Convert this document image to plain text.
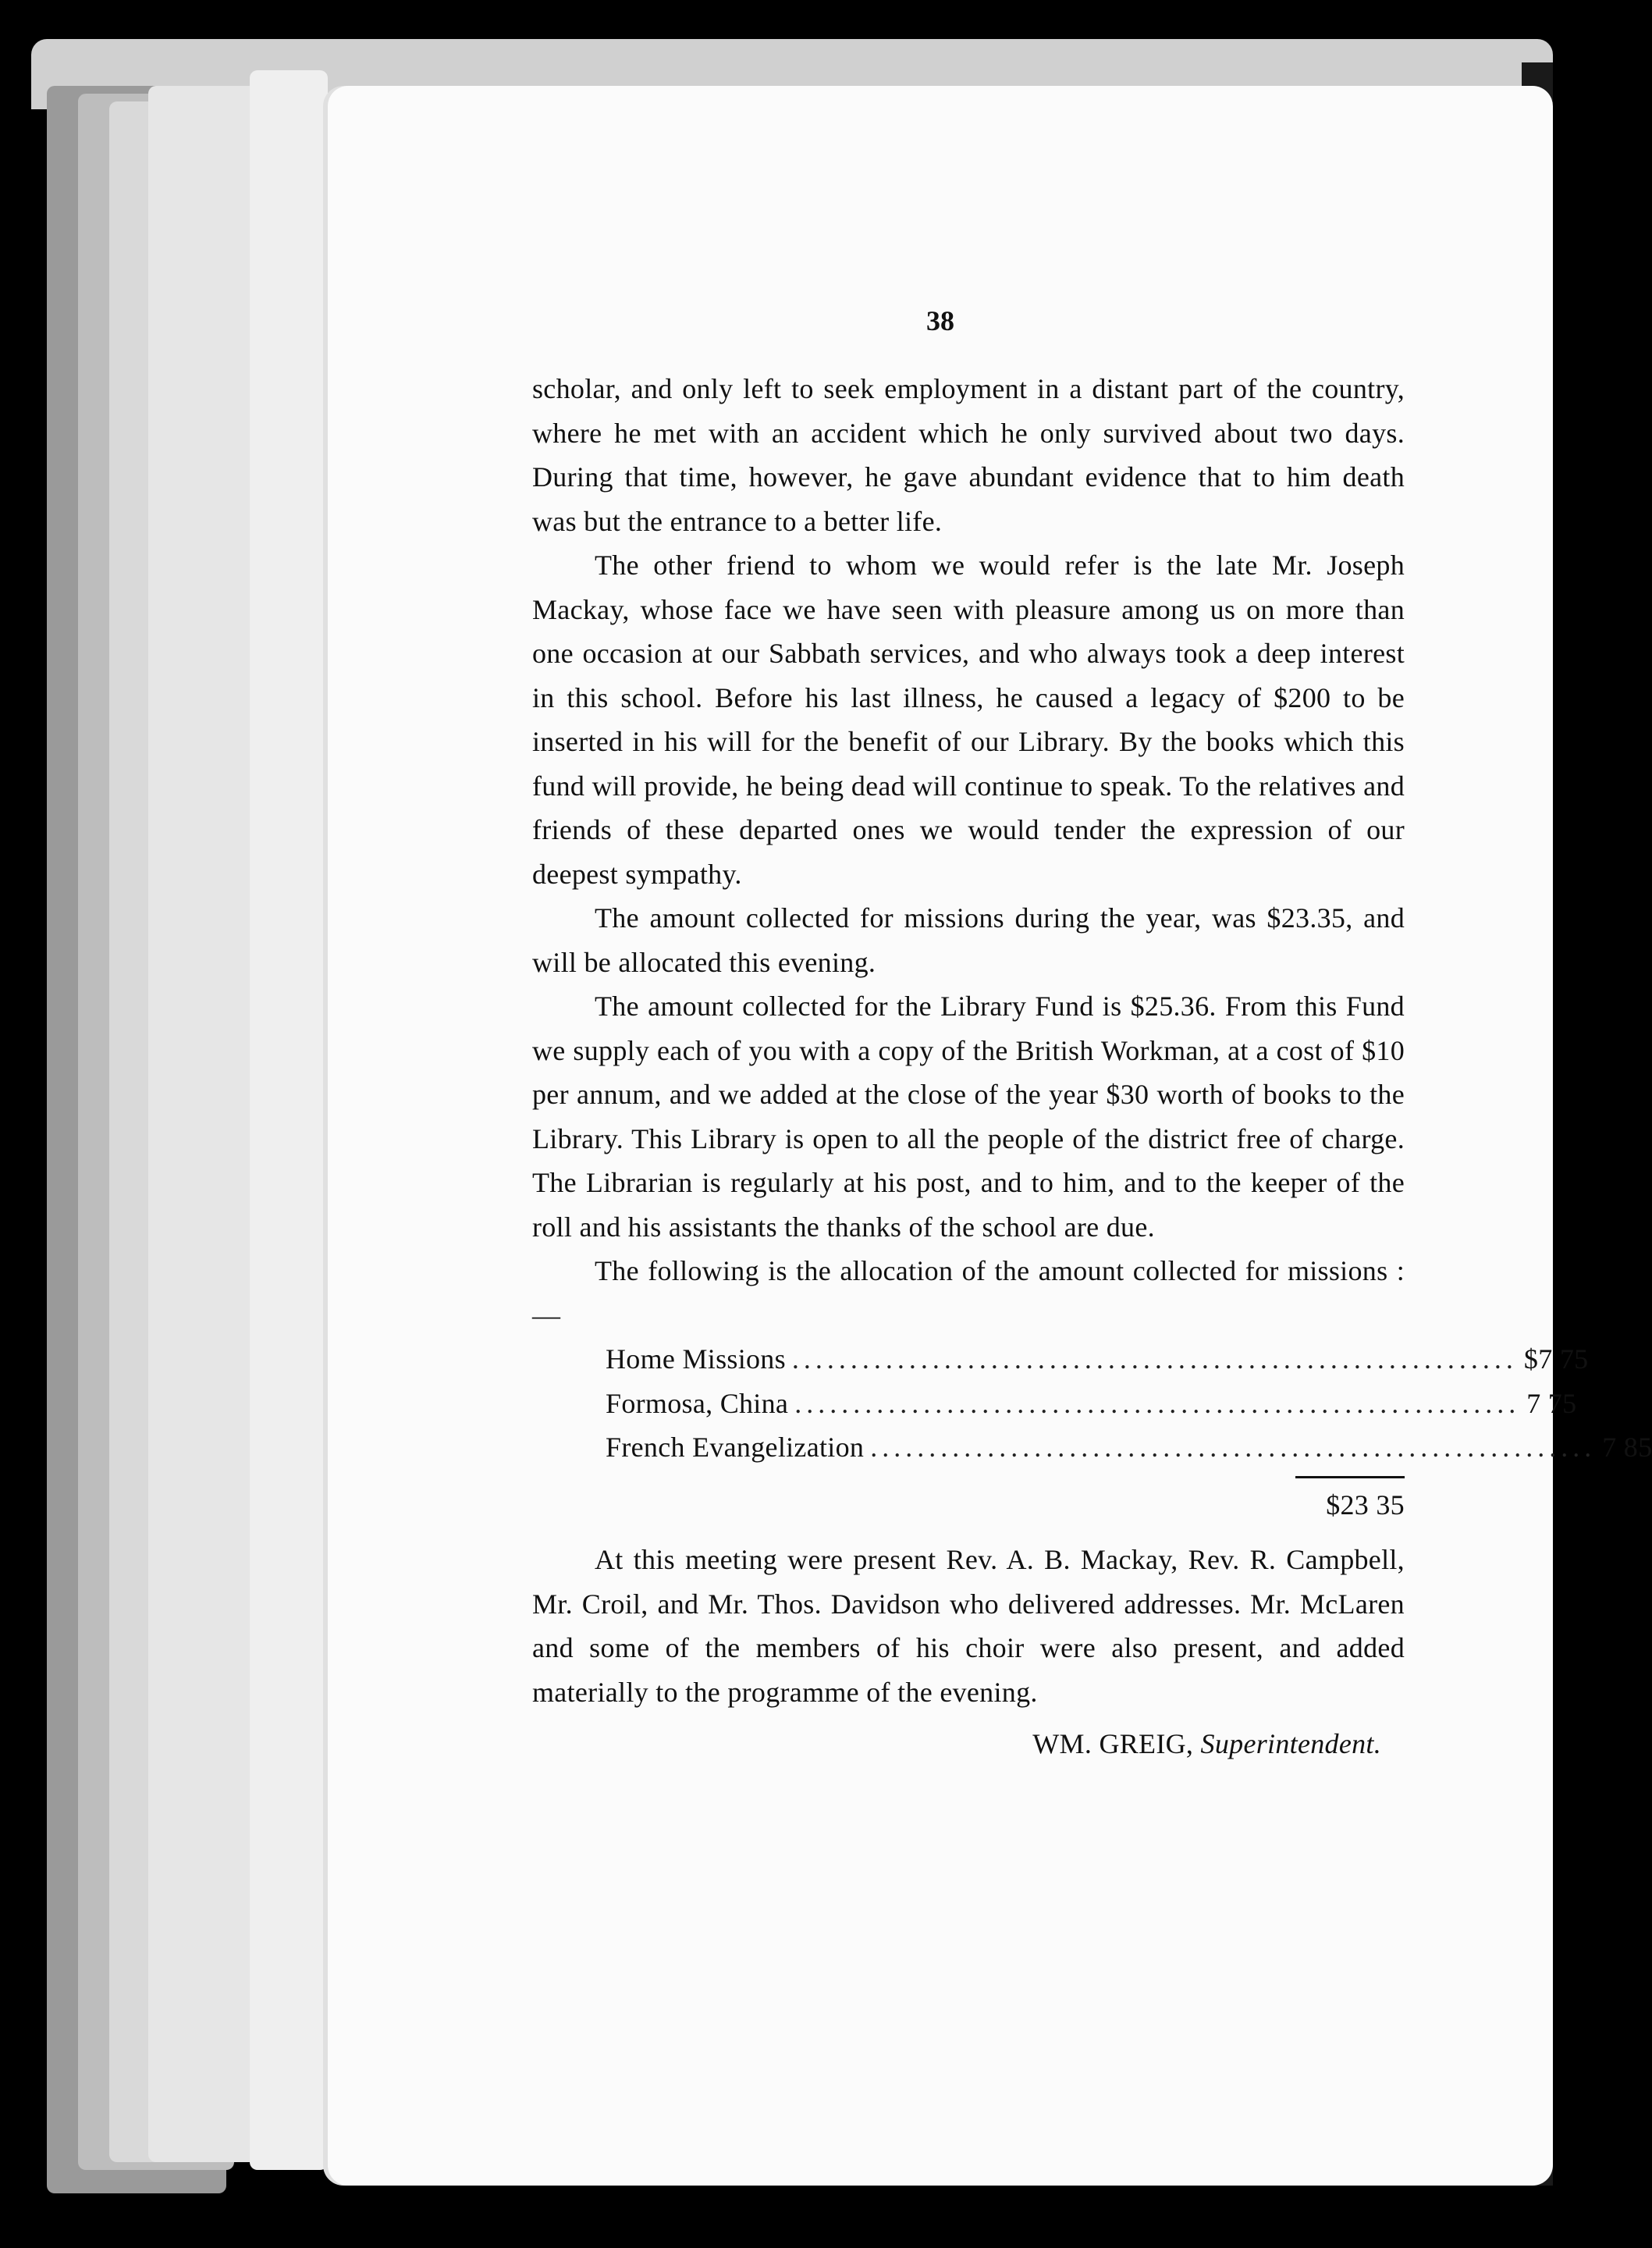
38

scholar, and only left to seek employment in a distant part of the country, where he met with an accident which he only survived about two days. During that time, however, he gave abundant evidence that to him death was but the entrance to a better life.

The other friend to whom we would refer is the late Mr. Joseph Mackay, whose face we have seen with pleasure among us on more than one occasion at our Sabbath services, and who always took a deep interest in this school. Before his last illness, he caused a legacy of $200 to be inserted in his will for the benefit of our Library. By the books which this fund will provide, he being dead will continue to speak. To the relatives and friends of these departed ones we would tender the expression of our deepest sympathy.

The amount collected for missions during the year, was $23.35, and will be allocated this evening.

The amount collected for the Library Fund is $25.36. From this Fund we supply each of you with a copy of the British Workman, at a cost of $10 per annum, and we added at the close of the year $30 worth of books to the Library. This Library is open to all the people of the district free of charge. The Librarian is regularly at his post, and to him, and to the keeper of the roll and his assistants the thanks of the school are due.

The following is the allocation of the amount collected for missions :—

Home Missions .............................................................. $7 75
Formosa, China .............................................................. 7 75
French Evangelization .............................................................. 7 85
$23 35

At this meeting were present Rev. A. B. Mackay, Rev. R. Campbell, Mr. Croil, and Mr. Thos. Davidson who delivered addresses. Mr. McLaren and some of the members of his choir were also present, and added materially to the programme of the evening.

WM. GREIG, Superintendent.
